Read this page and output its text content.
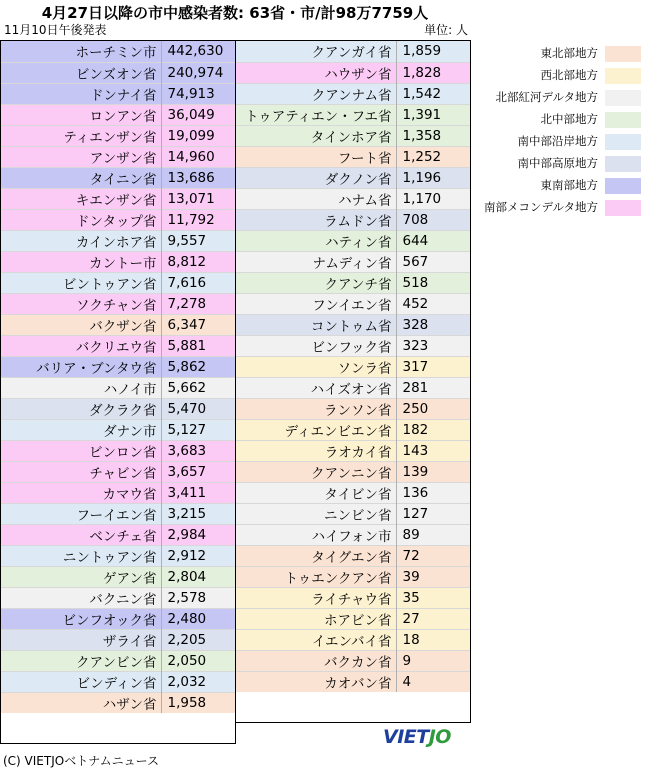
4月27日以降の市中感染者数: 63省・市/計98万7759人
11月10日午後発表	単位: 人
ホーチミン市	442,630
ビンズオン省	240,974
ドンナイ省	74,913
ロンアン省	36,049
ティエンザン省	19,099
アンザン省	14,960
タイニン省	13,686
キエンザン省	13,071
ドンタップ省	11,792
カインホア省	9,557
カントー市	8,812
ビントゥアン省	7,616
ソクチャン省	7,278
バクザン省	6,347
バクリエウ省	5,881
バリア・ブンタウ省	5,862
ハノイ市	5,662
ダクラク省	5,470
ダナン市	5,127
ビンロン省	3,683
チャビン省	3,657
カマウ省	3,411
フーイエン省	3,215
ベンチェ省	2,984
ニントゥアン省	2,912
ゲアン省	2,804
バクニン省	2,578
ビンフオック省	2,480
ザライ省	2,205
クアンビン省	2,050
ビンディン省	2,032
ハザン省	1,958
クアンガイ省	1,859
ハウザン省	1,828
クアンナム省	1,542
トゥアティエン・フエ省	1,391
タインホア省	1,358
フート省	1,252
ダクノン省	1,196
ハナム省	1,170
ラムドン省	708
ハティン省	644
ナムディン省	567
クアンチ省	518
フンイエン省	452
コントゥム省	328
ビンフック省	323
ソンラ省	317
ハイズオン省	281
ランソン省	250
ディエンビエン省	182
ラオカイ省	143
クアンニン省	139
タイビン省	136
ニンビン省	127
ハイフォン市	89
タイグエン省	72
トゥエンクアン省	39
ライチャウ省	35
ホアビン省	27
イエンバイ省	18
バクカン省	9
カオバン省	4
東北部地方
西北部地方
北部紅河デルタ地方
北中部地方
南中部沿岸地方
南中部高原地方
東南部地方
南部メコンデルタ地方
VIETJO
(C) VIETJOベトナムニュース
